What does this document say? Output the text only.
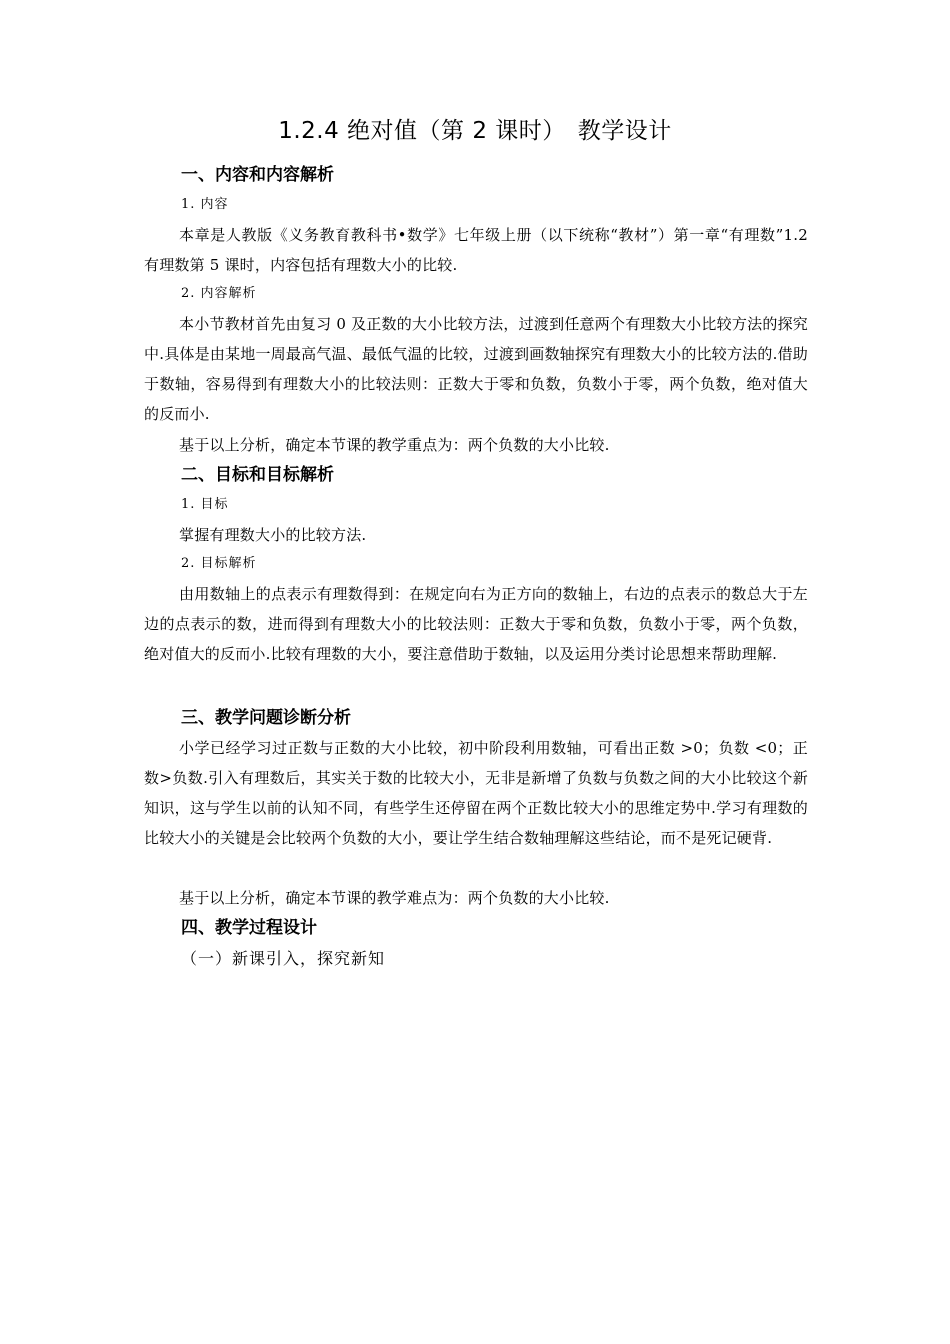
1.2.4 绝对值（第 2 课时）　教学设计
一、内容和内容解析
1. 内容
本章是人教版《义务教育教科书•数学》七年级上册（以下统称“教材”）第一章“有理数”1.2 有理数第 5 课时，内容包括有理数大小的比较.
2. 内容解析
本小节教材首先由复习 0 及正数的大小比较方法，过渡到任意两个有理数大小比较方法的探究中.具体是由某地一周最高气温、最低气温的比较，过渡到画数轴探究有理数大小的比较方法的.借助于数轴，容易得到有理数大小的比较法则：正数大于零和负数，负数小于零，两个负数，绝对值大的反而小.
基于以上分析，确定本节课的教学重点为：两个负数的大小比较.
二、目标和目标解析
1. 目标
掌握有理数大小的比较方法.
2. 目标解析
由用数轴上的点表示有理数得到：在规定向右为正方向的数轴上，右边的点表示的数总大于左边的点表示的数，进而得到有理数大小的比较法则：正数大于零和负数，负数小于零，两个负数，绝对值大的反而小.比较有理数的大小，要注意借助于数轴，以及运用分类讨论思想来帮助理解.
三、教学问题诊断分析
小学已经学习过正数与正数的大小比较，初中阶段利用数轴，可看出正数 >0；负数 <0；正数>负数.引入有理数后，其实关于数的比较大小，无非是新增了负数与负数之间的大小比较这个新知识，这与学生以前的认知不同，有些学生还停留在两个正数比较大小的思维定势中.学习有理数的比较大小的关键是会比较两个负数的大小，要让学生结合数轴理解这些结论，而不是死记硬背.
基于以上分析，确定本节课的教学难点为：两个负数的大小比较.
四、教学过程设计
（一）新课引入，探究新知
